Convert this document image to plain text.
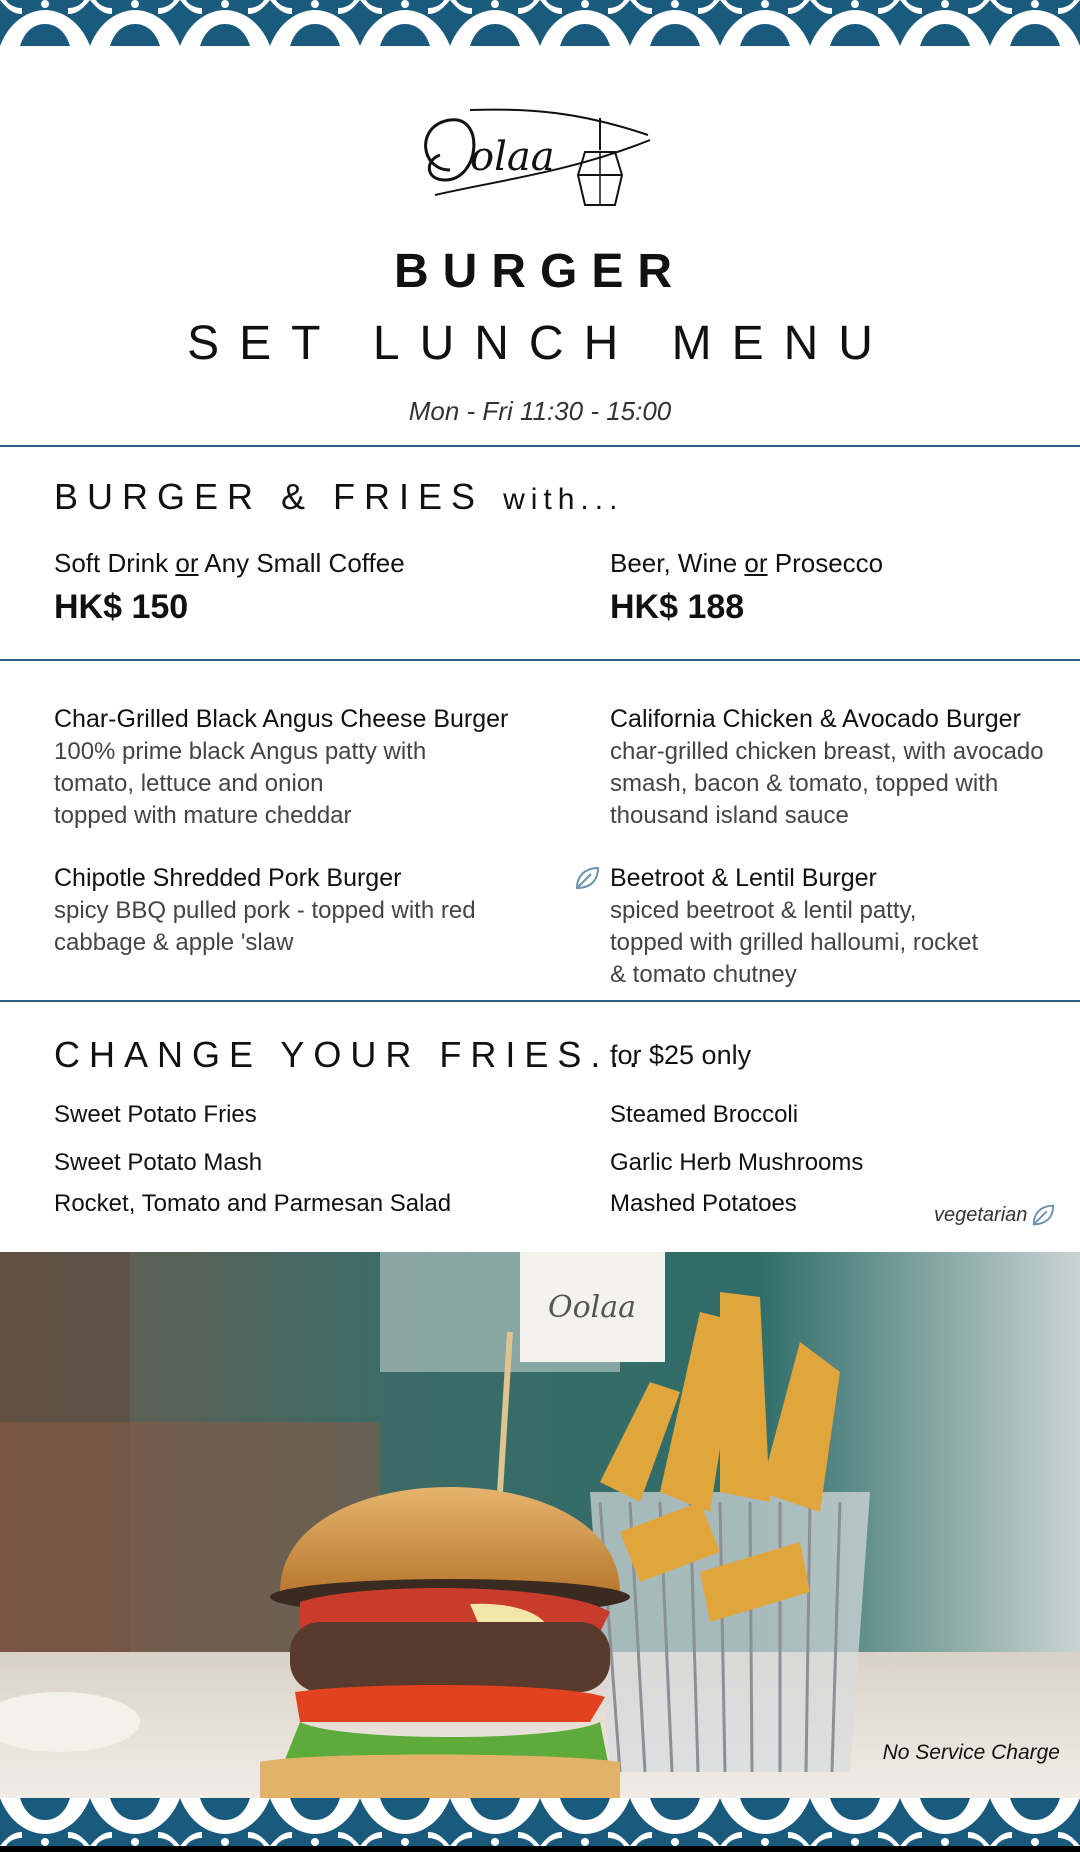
olaa
BURGER
SET LUNCH MENU
Mon - Fri 11:30 - 15:00
BURGER & FRIES with...
Soft Drink or Any Small Coffee
HK$ 150
Beer, Wine or Prosecco
HK$ 188
Char-Grilled Black Angus Cheese Burger
100% prime black Angus patty with
tomato, lettuce and onion
topped with mature cheddar
California Chicken & Avocado Burger
char-grilled chicken breast, with avocado
smash, bacon & tomato, topped with
thousand island sauce
Chipotle Shredded Pork Burger
spicy BBQ pulled pork - topped with red
cabbage & apple 'slaw
Beetroot & Lentil Burger
spiced beetroot & lentil patty,
topped with grilled halloumi, rocket
& tomato chutney
CHANGE YOUR FRIES...
for $25 only
Sweet Potato Fries
Sweet Potato Mash
Rocket, Tomato and Parmesan Salad
Steamed Broccoli
Garlic Herb Mushrooms
Mashed Potatoes	vegetarian
Oolaa
No Service Charge
